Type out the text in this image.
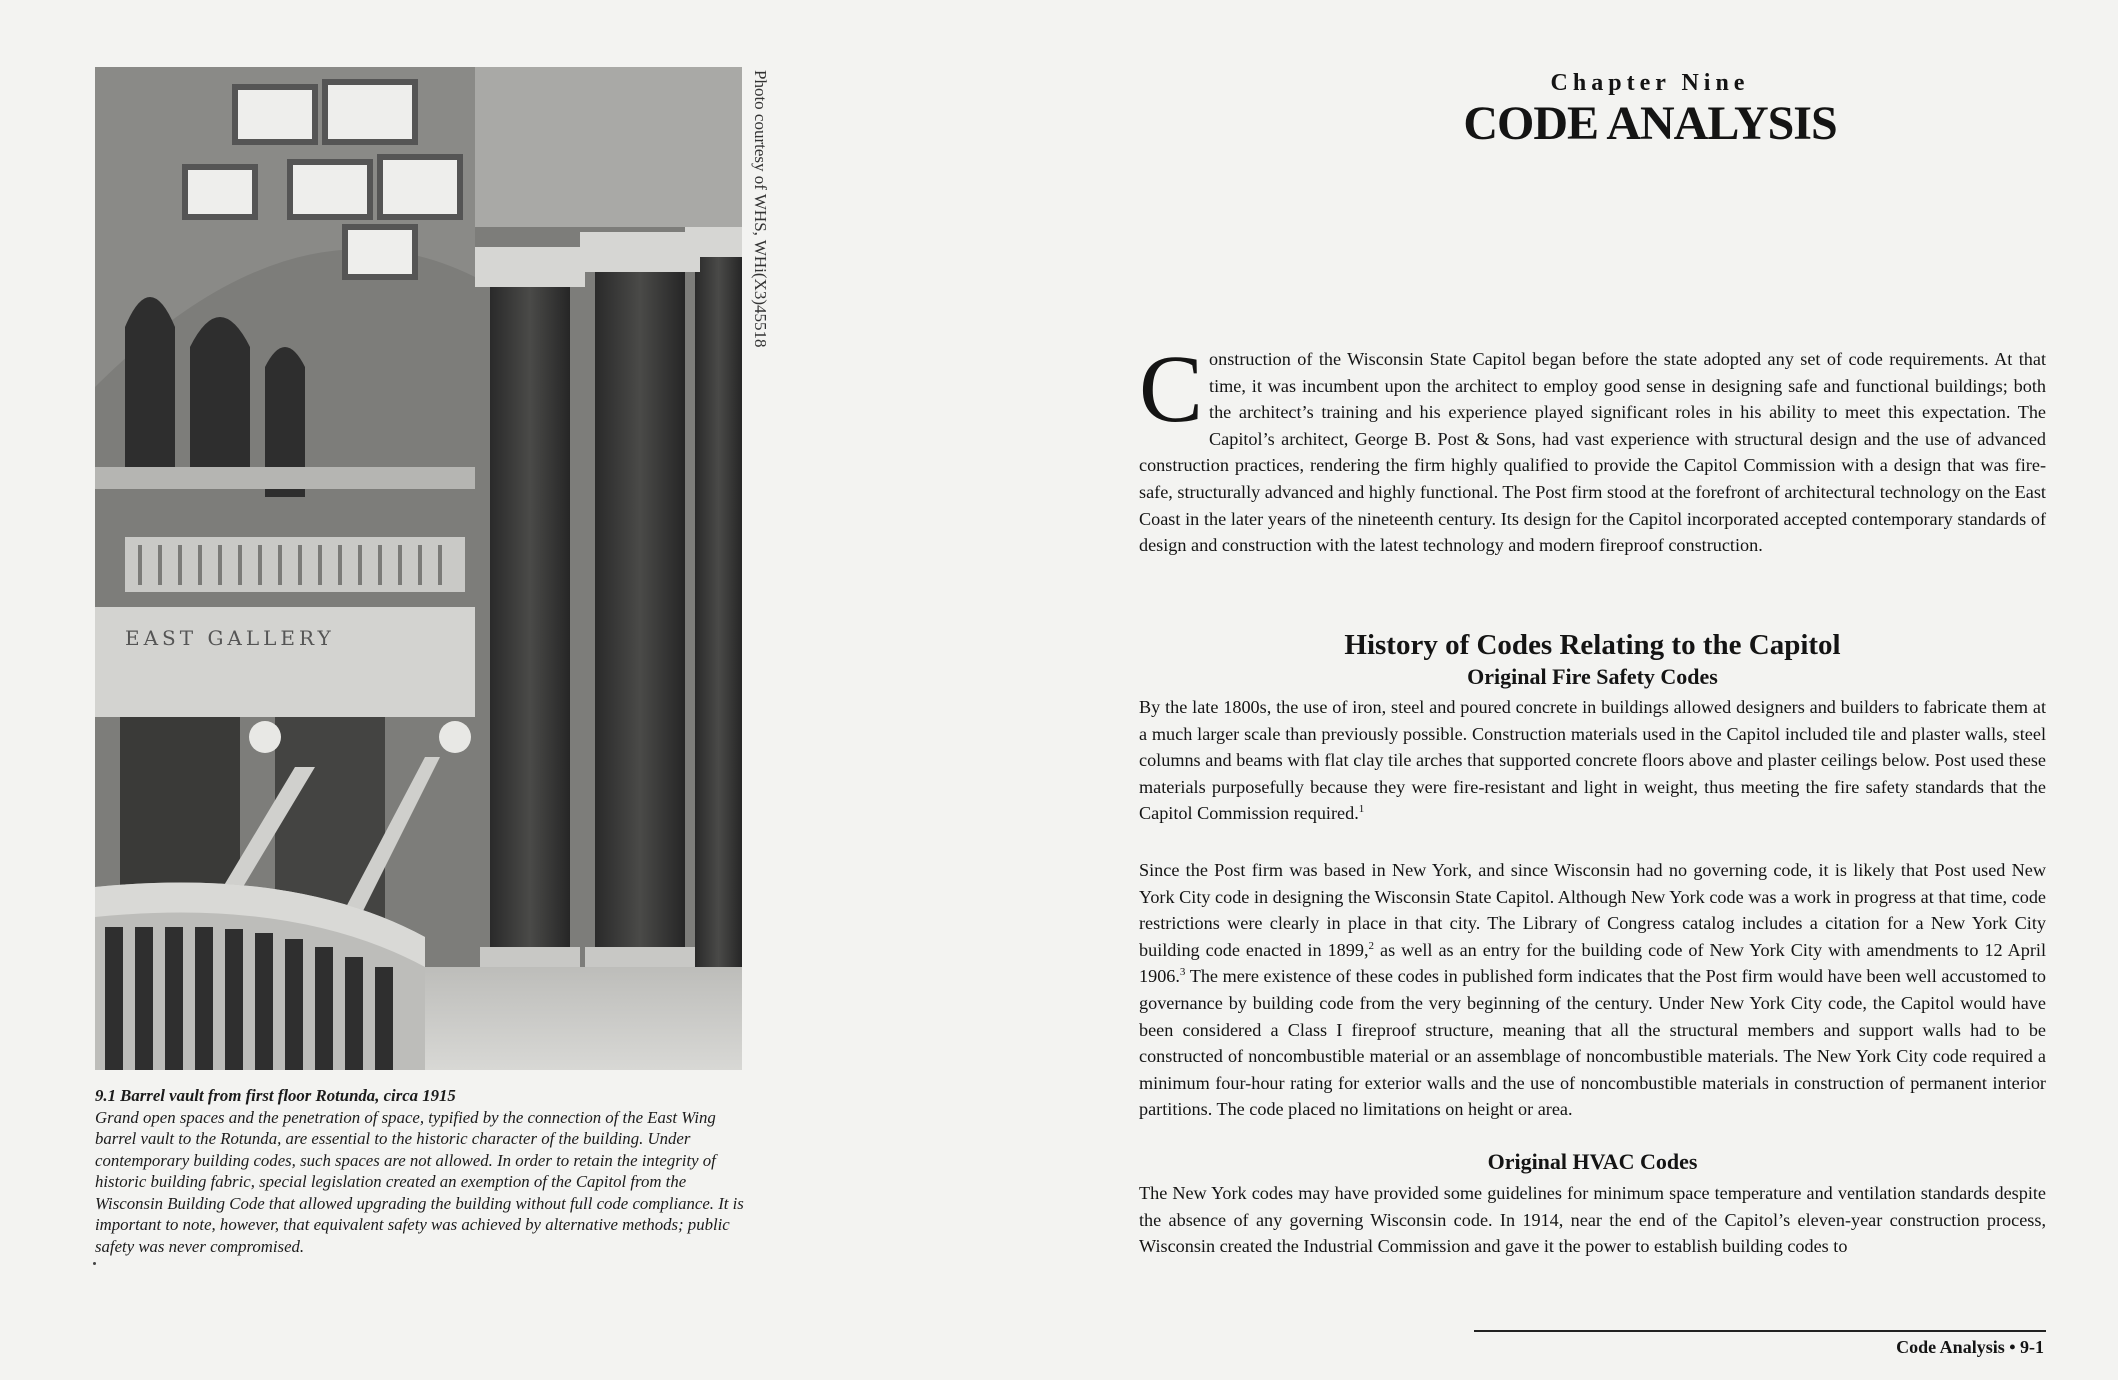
EAST GALLERY
Photo courtesy of WHS, WHi(X3)45518
9.1 Barrel vault from first floor Rotunda, circa 1915
Grand open spaces and the penetration of space, typified by the connection of the East Wing barrel vault to the Rotunda, are essential to the historic character of the building. Under contemporary building codes, such spaces are not allowed. In order to retain the integrity of historic building fabric, special legislation created an exemption of the Capitol from the Wisconsin Building Code that allowed upgrading the building without full code compliance. It is important to note, however, that equivalent safety was achieved by alternative methods; public safety was never compromised.
Chapter Nine
CODE ANALYSIS
Construction of the Wisconsin State Capitol began before the state adopted any set of code requirements. At that time, it was incumbent upon the architect to employ good sense in designing safe and functional buildings; both the architect’s training and his experience played significant roles in his ability to meet this expectation. The Capitol’s architect, George B. Post & Sons, had vast experience with structural design and the use of advanced construction practices, rendering the firm highly qualified to provide the Capitol Commission with a design that was fire-safe, structurally advanced and highly functional. The Post firm stood at the forefront of architectural technology on the East Coast in the later years of the nineteenth century. Its design for the Capitol incorporated accepted contemporary standards of design and construction with the latest technology and modern fireproof construction.
History of Codes Relating to the Capitol
Original Fire Safety Codes
By the late 1800s, the use of iron, steel and poured concrete in buildings allowed designers and builders to fabricate them at a much larger scale than previously possible. Construction materials used in the Capitol included tile and plaster walls, steel columns and beams with flat clay tile arches that supported concrete floors above and plaster ceilings below. Post used these materials purposefully because they were fire-resistant and light in weight, thus meeting the fire safety standards that the Capitol Commission required.$^1$
Since the Post firm was based in New York, and since Wisconsin had no governing code, it is likely that Post used New York City code in designing the Wisconsin State Capitol. Although New York code was a work in progress at that time, code restrictions were clearly in place in that city. The Library of Congress catalog includes a citation for a New York City building code enacted in 1899,$^2$ as well as an entry for the building code of New York City with amendments to 12 April 1906.$^3$ The mere existence of these codes in published form indicates that the Post firm would have been well accustomed to governance by building code from the very beginning of the century. Under New York City code, the Capitol would have been considered a Class I fireproof structure, meaning that all the structural members and support walls had to be constructed of noncombustible material or an assemblage of noncombustible materials. The New York City code required a minimum four-hour rating for exterior walls and the use of noncombustible materials in construction of permanent interior partitions. The code placed no limitations on height or area.
Original HVAC Codes
The New York codes may have provided some guidelines for minimum space temperature and ventilation standards despite the absence of any governing Wisconsin code. In 1914, near the end of the Capitol’s eleven-year construction process, Wisconsin created the Industrial Commission and gave it the power to establish building codes to
Code Analysis • 9-1
